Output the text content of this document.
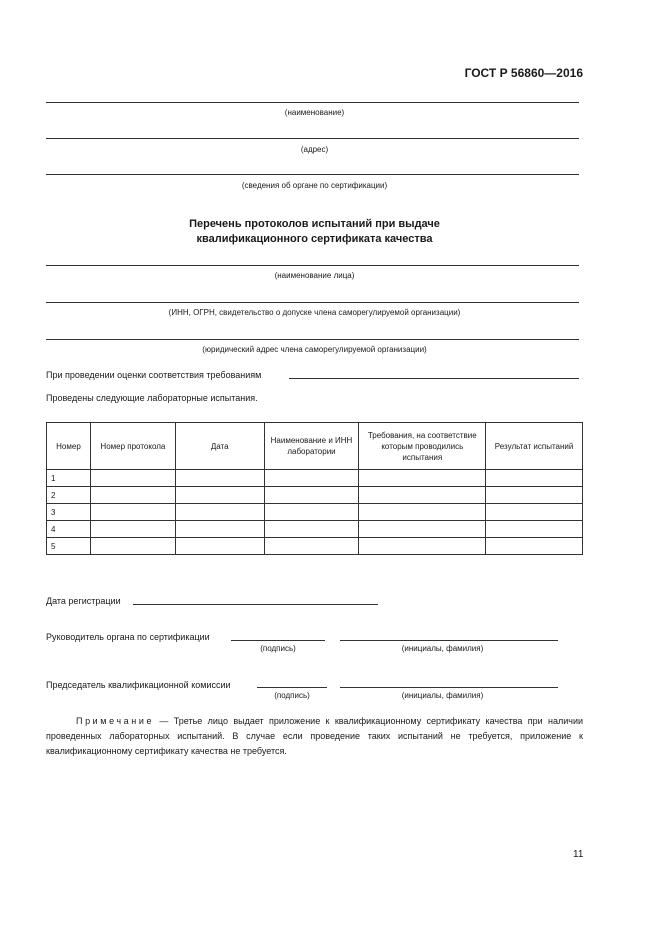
ГОСТ Р 56860—2016
(наименование)
(адрес)
(сведения об органе по сертификации)
Перечень протоколов испытаний при выдаче
квалификационного сертификата качества
(наименование лица)
(ИНН, ОГРН, свидетельство о допуске члена саморегулируемой организации)
(юридический адрес члена саморегулируемой организации)
При проведении оценки соответствия требованиям
Проведены следующие лабораторные испытания.
Номер	Номер протокола	Дата	Наименование и ИНН лаборатории	Требования, на соответствие которым проводились испытания	Результат испытаний
1					
2					
3					
4					
5					
Дата регистрации
Руководитель органа по сертификации
(подпись)	(инициалы, фамилия)
Председатель квалификационной комиссии
(подпись)	(инициалы, фамилия)
Примечание — Третье лицо выдает приложение к квалификационному сертификату качества при наличии проведенных лабораторных испытаний. В случае если проведение таких испытаний не требуется, приложение к квалификационному сертификату качества не требуется.
11
